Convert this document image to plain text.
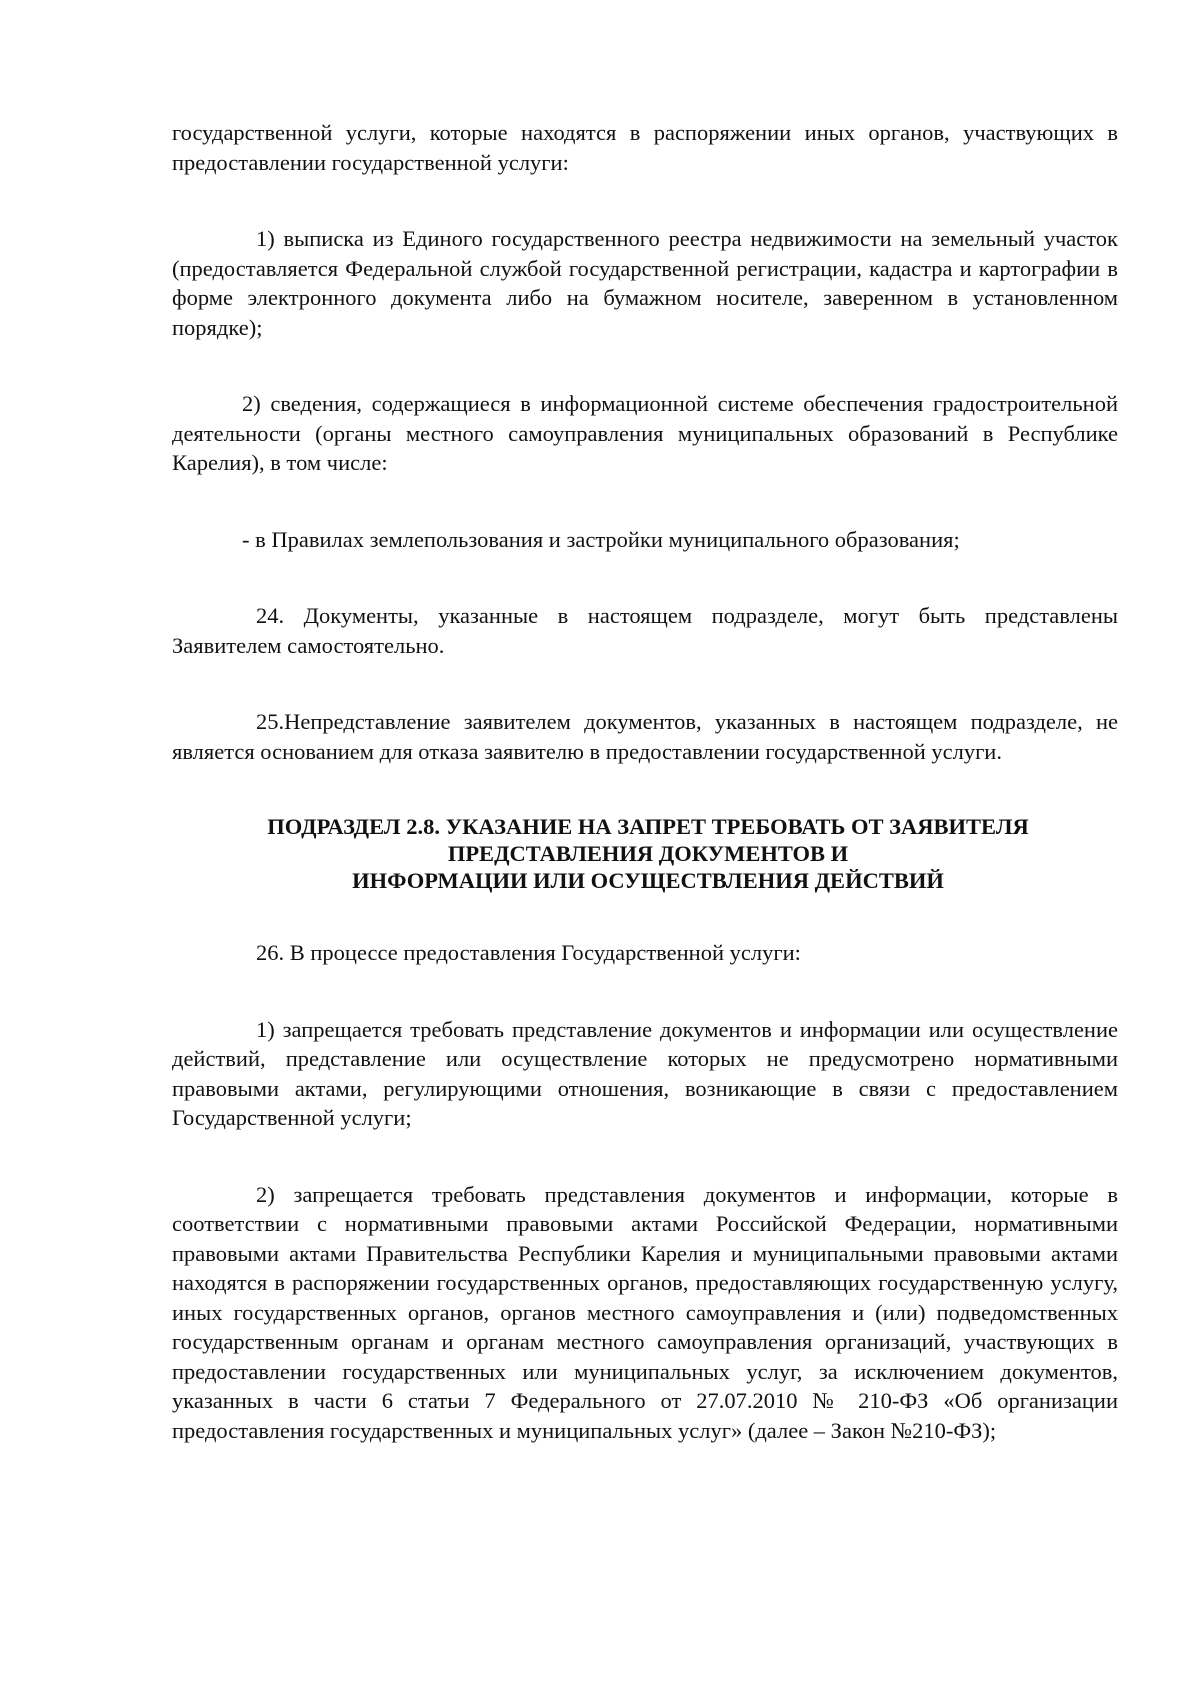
государственной услуги, которые находятся в распоряжении иных органов, участвующих в предоставлении государственной услуги:

1) выписка из Единого государственного реестра недвижимости на земельный участок (предоставляется Федеральной службой государственной регистрации, кадастра и картографии в форме электронного документа либо на бумажном носителе, заверенном в установленном порядке);

2) сведения, содержащиеся в информационной системе обеспечения градостроительной деятельности (органы местного самоуправления муниципальных образований в Республике Карелия), в том числе:

- в Правилах землепользования и застройки муниципального образования;

24. Документы, указанные в настоящем подразделе, могут быть представлены Заявителем самостоятельно.

25.Непредставление заявителем документов, указанных в настоящем подразделе, не является основанием для отказа заявителю в предоставлении государственной услуги.

ПОДРАЗДЕЛ 2.8. УКАЗАНИЕ НА ЗАПРЕТ ТРЕБОВАТЬ ОТ ЗАЯВИТЕЛЯ
ПРЕДСТАВЛЕНИЯ ДОКУМЕНТОВ И
ИНФОРМАЦИИ ИЛИ ОСУЩЕСТВЛЕНИЯ ДЕЙСТВИЙ

26. В процессе предоставления Государственной услуги:

1) запрещается требовать представление документов и информации или осуществление действий, представление или осуществление которых не предусмотрено нормативными правовыми актами, регулирующими отношения, возникающие в связи с предоставлением Государственной услуги;

2) запрещается требовать представления документов и информации, которые в соответствии с нормативными правовыми актами Российской Федерации, нормативными правовыми актами Правительства Республики Карелия и муниципальными правовыми актами находятся в распоряжении государственных органов, предоставляющих государственную услугу, иных государственных органов, органов местного самоуправления и (или) подведомственных государственным органам и органам местного самоуправления организаций, участвующих в предоставлении государственных или муниципальных услуг, за исключением документов, указанных в части 6 статьи 7 Федерального от 27.07.2010 № 210-ФЗ «Об организации предоставления государственных и муниципальных услуг» (далее – Закон №210-ФЗ);
